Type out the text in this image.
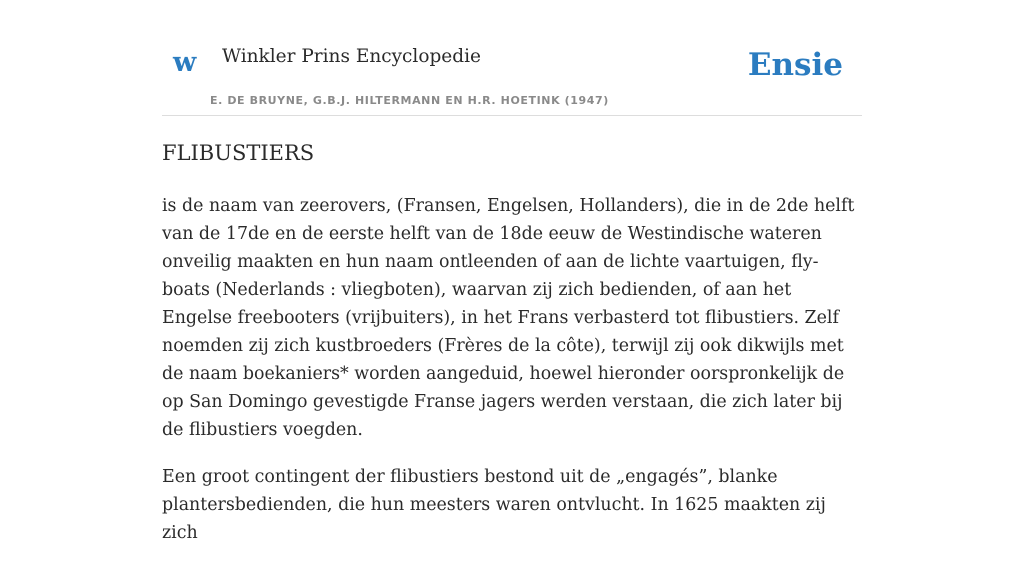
w Winkler Prins Encyclopedie
E. DE BRUYNE, G.B.J. HILTERMANN EN H.R. HOETINK (1947)
Ensie
FLIBUSTIERS

is de naam van zeerovers, (Fransen, Engelsen, Hollanders), die in de 2de helft van de 17de en de eerste helft van de 18de eeuw de Westindische wateren onveilig maakten en hun naam ontleenden of aan de lichte vaartuigen, fly-boats (Nederlands : vliegboten), waarvan zij zich bedienden, of aan het Engelse freebooters (vrijbuiters), in het Frans verbasterd tot flibustiers. Zelf noemden zij zich kustbroeders (Frères de la côte), terwijl zij ook dikwijls met de naam boekaniers* worden aangeduid, hoewel hieronder oorspronkelijk de op San Domingo gevestigde Franse jagers werden verstaan, die zich later bij de flibustiers voegden.

Een groot contingent der flibustiers bestond uit de „engagés”, blanke plantersbedienden, die hun meesters waren ontvlucht. In 1625 maakten zij zich
